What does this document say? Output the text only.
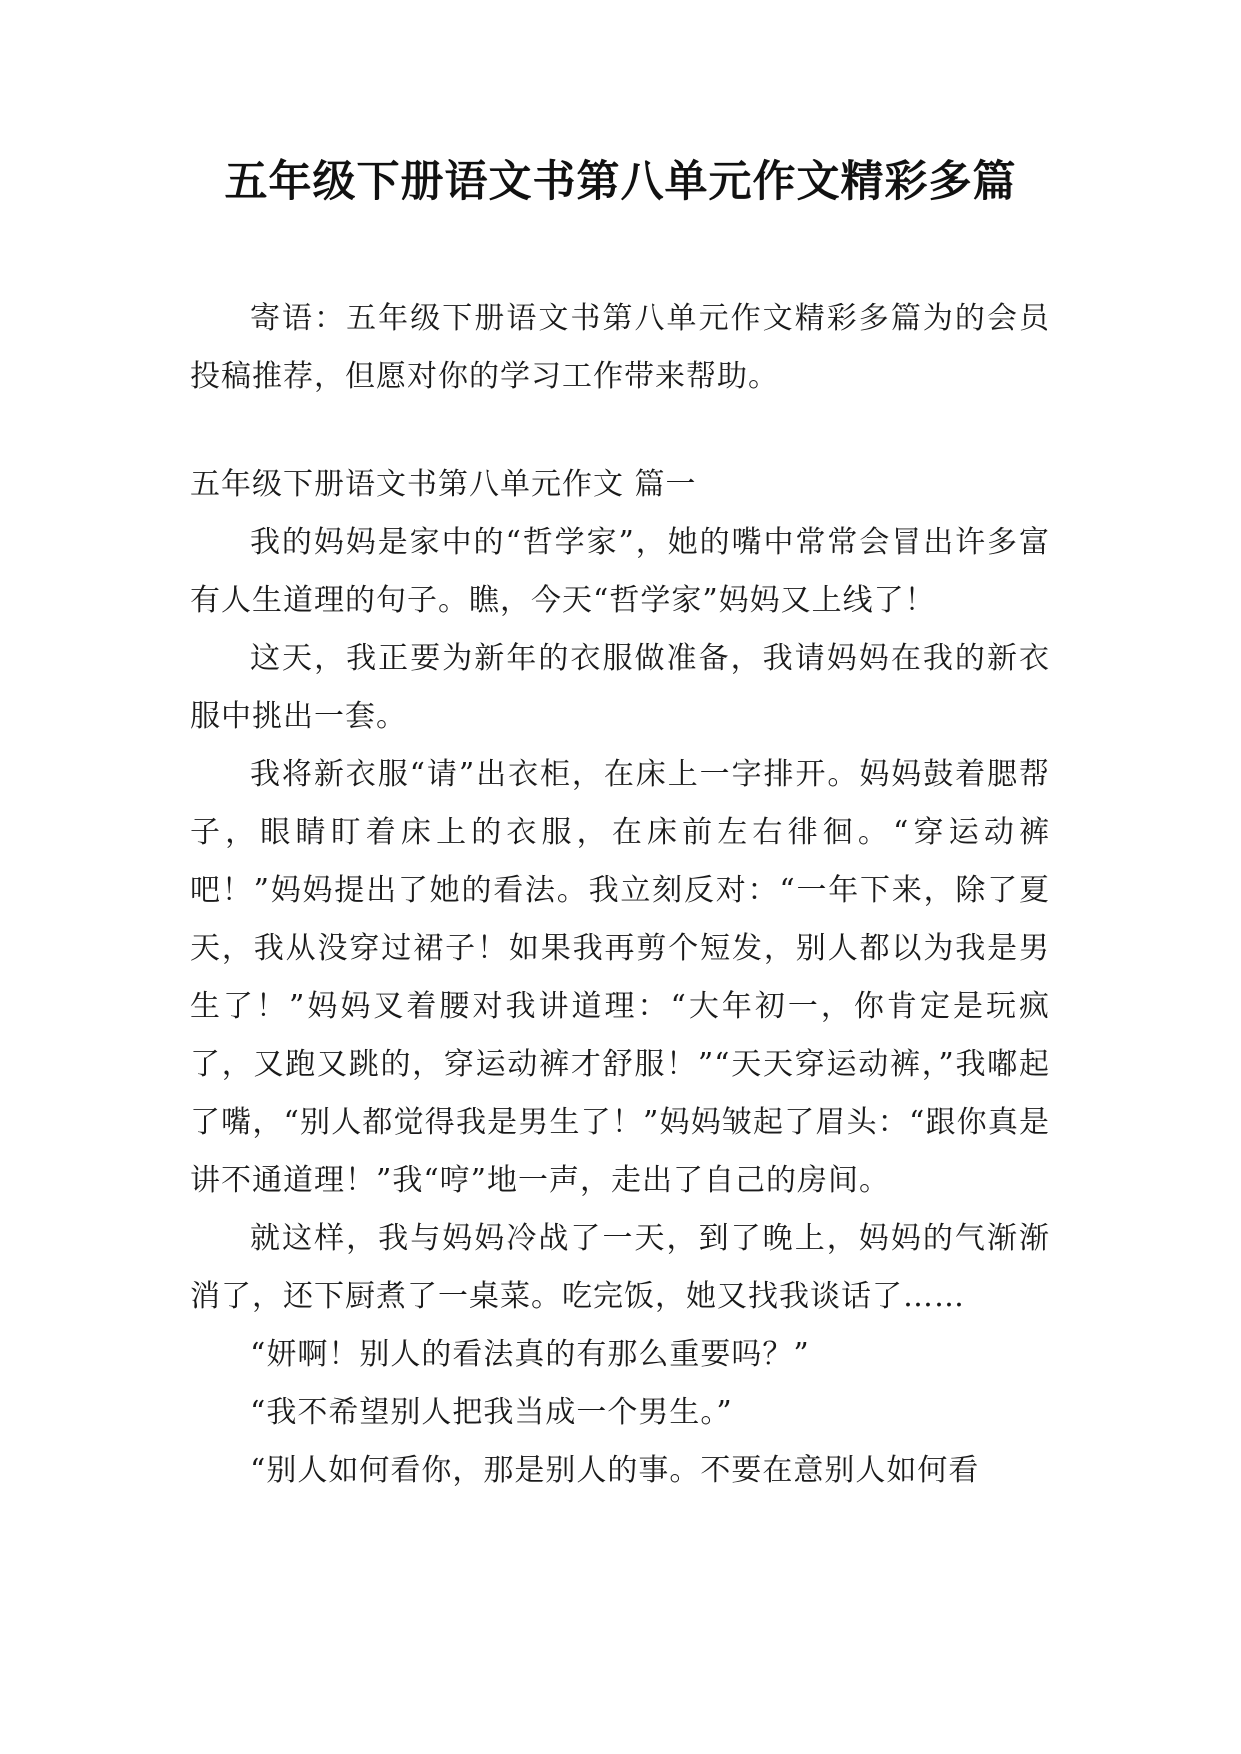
五年级下册语文书第八单元作文精彩多篇

寄语：五年级下册语文书第八单元作文精彩多篇为的会员投稿推荐，但愿对你的学习工作带来帮助。

五年级下册语文书第八单元作文 篇一

我的妈妈是家中的“哲学家”，她的嘴中常常会冒出许多富有人生道理的句子。瞧，今天“哲学家”妈妈又上线了！

这天，我正要为新年的衣服做准备，我请妈妈在我的新衣服中挑出一套。

我将新衣服“请”出衣柜，在床上一字排开。妈妈鼓着腮帮子，眼睛盯着床上的衣服，在床前左右徘徊。“穿运动裤吧！”妈妈提出了她的看法。我立刻反对：“一年下来，除了夏天，我从没穿过裙子！如果我再剪个短发，别人都以为我是男生了！”妈妈叉着腰对我讲道理：“大年初一，你肯定是玩疯了，又跑又跳的，穿运动裤才舒服！”“天天穿运动裤，”我嘟起了嘴，“别人都觉得我是男生了！”妈妈皱起了眉头：“跟你真是讲不通道理！”我“哼”地一声，走出了自己的房间。

就这样，我与妈妈冷战了一天，到了晚上，妈妈的气渐渐消了，还下厨煮了一桌菜。吃完饭，她又找我谈话了……

“妍啊！别人的看法真的有那么重要吗？”

“我不希望别人把我当成一个男生。”

“别人如何看你，那是别人的事。不要在意别人如何看
